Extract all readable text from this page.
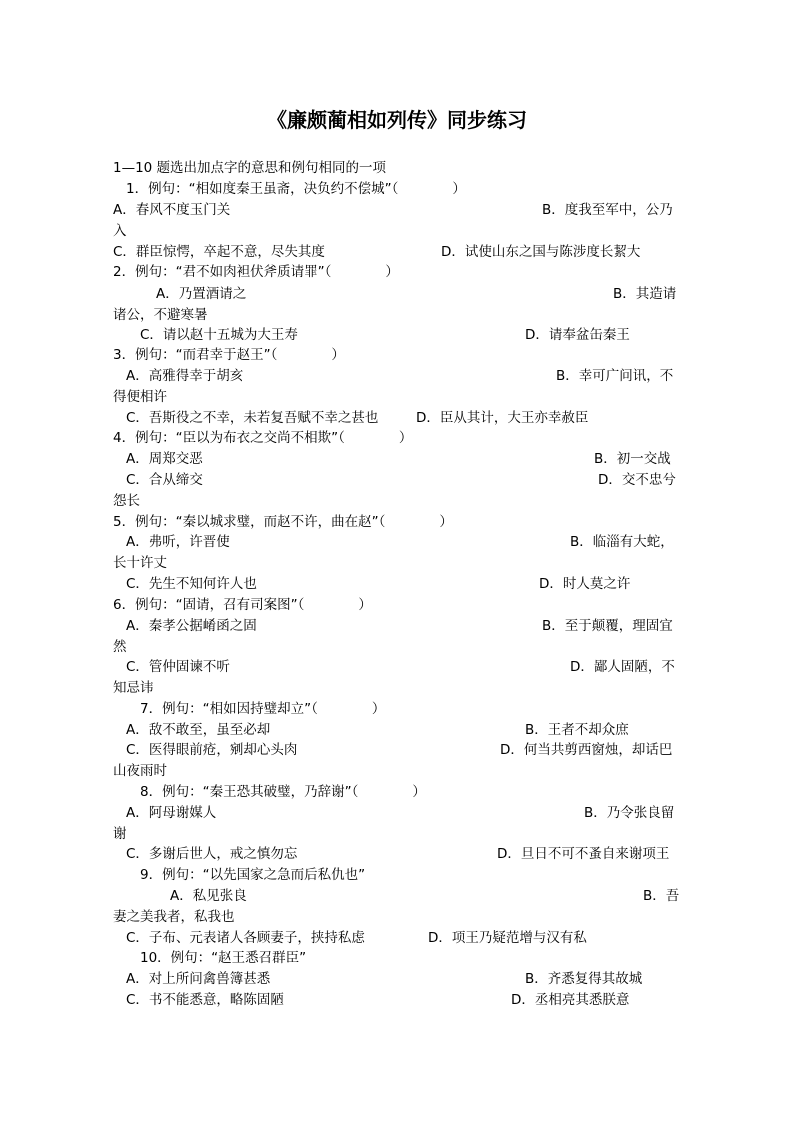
《廉颇蔺相如列传》同步练习
1—10 题选出加点字的意思和例句相同的一项
1．例句：“相如度秦王虽斋，决负约不偿城”（　　　　）
A．春风不度玉门关	B．度我至军中，公乃
入
C．群臣惊愕，卒起不意，尽失其度	D．试使山东之国与陈涉度长絜大
2．例句：“君不如肉袒伏斧质请罪”（　　　　）
A．乃置酒请之	B．其造请
诸公，不避寒暑
C．请以赵十五城为大王寿	D．请奉盆缶秦王
3．例句：“而君幸于赵王”（　　　　）
A．高雅得幸于胡亥	B．幸可广问讯，不
得便相许
C．吾斯役之不幸，未若复吾赋不幸之甚也	D．臣从其计，大王亦幸赦臣
4．例句：“臣以为布衣之交尚不相欺”（　　　　）
A．周郑交恶	B．初一交战
C．合从缔交	D．交不忠兮
怨长
5．例句：“秦以城求璧，而赵不许，曲在赵”（　　　　）
A．弗听，许晋使	B．临淄有大蛇，
长十许丈
C．先生不知何许人也	D．时人莫之许
6．例句：“固请，召有司案图”（　　　　）
A．秦孝公据崤函之固	B．至于颠覆，理固宜
然
C．管仲固谏不听	D．鄙人固陋，不
知忌讳
7．例句：“相如因持璧却立”（　　　　）
A．敌不敢至，虽至必却	B．王者不却众庶
C．医得眼前疮，剜却心头肉	D．何当共剪西窗烛，却话巴
山夜雨时
8．例句：“秦王恐其破璧，乃辞谢”（　　　　）
A．阿母谢媒人	B．乃令张良留
谢
C．多谢后世人，戒之慎勿忘	D．旦日不可不蚤自来谢项王
9．例句：“以先国家之急而后私仇也”
A．私见张良	B．吾
妻之美我者，私我也
C．子布、元表诸人各顾妻子，挟持私虑	D．项王乃疑范增与汉有私
10．例句：“赵王悉召群臣”
A．对上所问禽兽簿甚悉	B．齐悉复得其故城
C．书不能悉意，略陈固陋	D．丞相亮其悉朕意
